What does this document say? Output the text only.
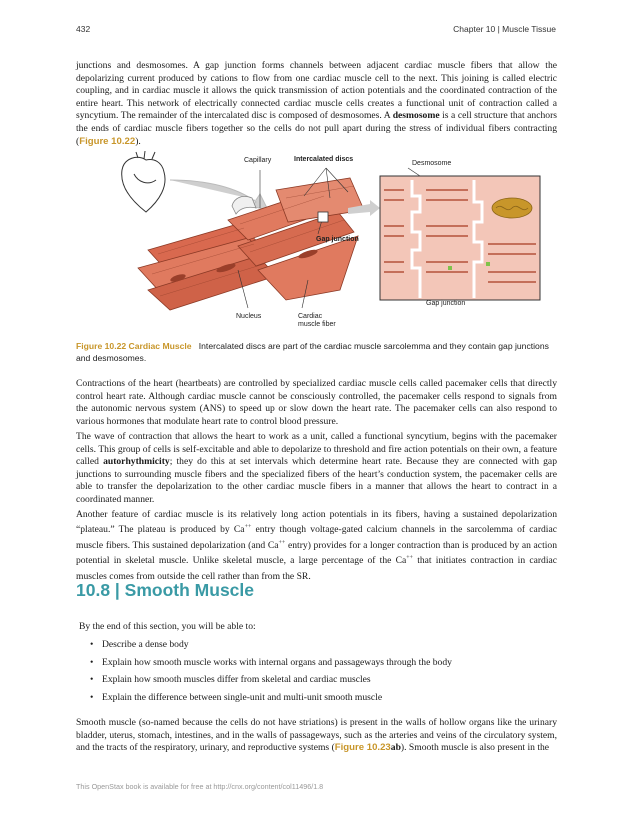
432	Chapter 10 | Muscle Tissue

junctions and desmosomes. A gap junction forms channels between adjacent cardiac muscle fibers that allow the depolarizing current produced by cations to flow from one cardiac muscle cell to the next. This joining is called electric coupling, and in cardiac muscle it allows the quick transmission of action potentials and the coordinated contraction of the entire heart. This network of electrically connected cardiac muscle cells creates a functional unit of contraction called a syncytium. The remainder of the intercalated disc is composed of desmosomes. A desmosome is a cell structure that anchors the ends of cardiac muscle fibers together so the cells do not pull apart during the stress of individual fibers contracting (Figure 10.22).

Capillary	Intercalated discs
Desmosome
Gap junction
Gap junction
Nucleus	Cardiac
muscle fiber

Figure 10.22 Cardiac Muscle Intercalated discs are part of the cardiac muscle sarcolemma and they contain gap junctions and desmosomes.

Contractions of the heart (heartbeats) are controlled by specialized cardiac muscle cells called pacemaker cells that directly control heart rate. Although cardiac muscle cannot be consciously controlled, the pacemaker cells respond to signals from the autonomic nervous system (ANS) to speed up or slow down the heart rate. The pacemaker cells can also respond to various hormones that modulate heart rate to control blood pressure.

The wave of contraction that allows the heart to work as a unit, called a functional syncytium, begins with the pacemaker cells. This group of cells is self-excitable and able to depolarize to threshold and fire action potentials on their own, a feature called autorhythmicity; they do this at set intervals which determine heart rate. Because they are connected with gap junctions to surrounding muscle fibers and the specialized fibers of the heart’s conduction system, the pacemaker cells are able to transfer the depolarization to the other cardiac muscle fibers in a manner that allows the heart to contract in a coordinated manner.

Another feature of cardiac muscle is its relatively long action potentials in its fibers, having a sustained depolarization “plateau.” The plateau is produced by Ca++ entry though voltage-gated calcium channels in the sarcolemma of cardiac muscle fibers. This sustained depolarization (and Ca++ entry) provides for a longer contraction than is produced by an action potential in skeletal muscle. Unlike skeletal muscle, a large percentage of the Ca++ that initiates contraction in cardiac muscles comes from outside the cell rather than from the SR.

10.8 | Smooth Muscle

By the end of this section, you will be able to:

• Describe a dense body
• Explain how smooth muscle works with internal organs and passageways through the body
• Explain how smooth muscles differ from skeletal and cardiac muscles
• Explain the difference between single-unit and multi-unit smooth muscle

Smooth muscle (so-named because the cells do not have striations) is present in the walls of hollow organs like the urinary bladder, uterus, stomach, intestines, and in the walls of passageways, such as the arteries and veins of the circulatory system, and the tracts of the respiratory, urinary, and reproductive systems (Figure 10.23ab). Smooth muscle is also present in the

This OpenStax book is available for free at http://cnx.org/content/col11496/1.8
